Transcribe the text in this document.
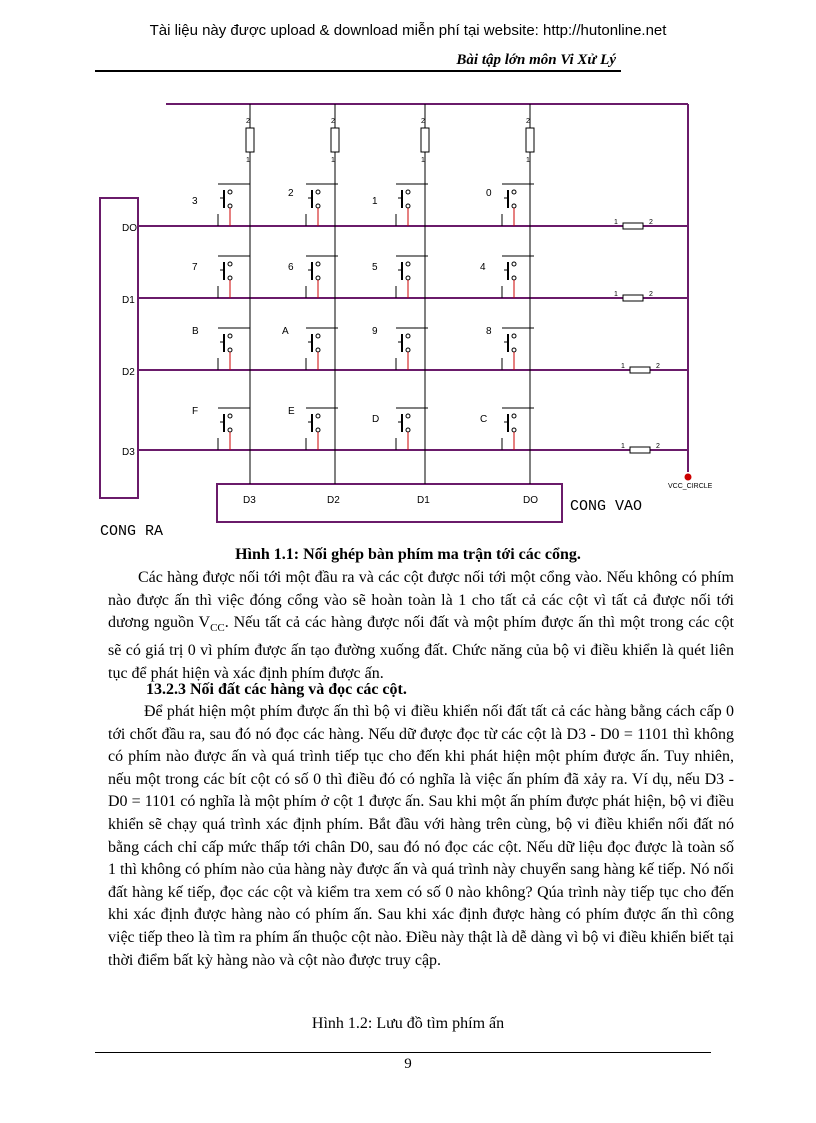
Tài liệu này được upload & download miễn phí tại website: http://hutonline.net
Bài tập lớn môn Vi Xử Lý
2	2	2	2
1	1	1	1
1	2
1	2
1	2
1	2
VCC_CIRCLE
3
2
1
0
7	6	5	4
B	A	9	8
F	E
D	C
DO
D1
D2
D3
D3	D2	D1	DO CONG VAO
CONG RA
Hình 1.1: Nối ghép bàn phím ma trận tới các cổng.
Các hàng được nối tới một đầu ra và các cột được nối tới một cổng vào. Nếu không có phím nào được ấn thì việc đóng cổng vào sẽ hoàn toàn là 1 cho tất cả các cột vì tất cả được nối tới dương nguồn $V_{CC}$. Nếu tất cả các hàng được nối đất và một phím được ấn thì một trong các cột sẽ có giá trị 0 vì phím được ấn tạo đường xuống đất. Chức năng của bộ vi điều khiển là quét liên tục để phát hiện và xác định phím được ấn.
13.2.3 Nối đất các hàng và đọc các cột.
Để phát hiện một phím được ấn thì bộ vi điều khiển nối đất tất cả các hàng bằng cách cấp 0 tới chốt đầu ra, sau đó nó đọc các hàng. Nếu dữ được đọc từ các cột là D3 - D0 = 1101 thì không có phím nào được ấn và quá trình tiếp tục cho đến khi phát hiện một phím được ấn. Tuy nhiên, nếu một trong các bít cột có số 0 thì điều đó có nghĩa là việc ấn phím đã xảy ra. Ví dụ, nếu D3 - D0 = 1101 có nghĩa là một phím ở cột 1 được ấn. Sau khi một ấn phím được phát hiện, bộ vi điều khiển sẽ chạy quá trình xác định phím. Bắt đầu với hàng trên cùng, bộ vi điều khiển nối đất nó bằng cách chỉ cấp mức thấp tới chân D0, sau đó nó đọc các cột. Nếu dữ liệu đọc được là toàn số 1 thì không có phím nào của hàng này được ấn và quá trình này chuyển sang hàng kế tiếp. Nó nối đất hàng kế tiếp, đọc các cột và kiểm tra xem có số 0 nào không? Qúa trình này tiếp tục cho đến khi xác định được hàng nào có phím ấn. Sau khi xác định được hàng có phím được ấn thì công việc tiếp theo là tìm ra phím ấn thuộc cột nào. Điều này thật là dễ dàng vì bộ vi điều khiển biết tại thời điểm bất kỳ hàng nào và cột nào được truy cập.
Hình 1.2: Lưu đồ tìm phím ấn
9
